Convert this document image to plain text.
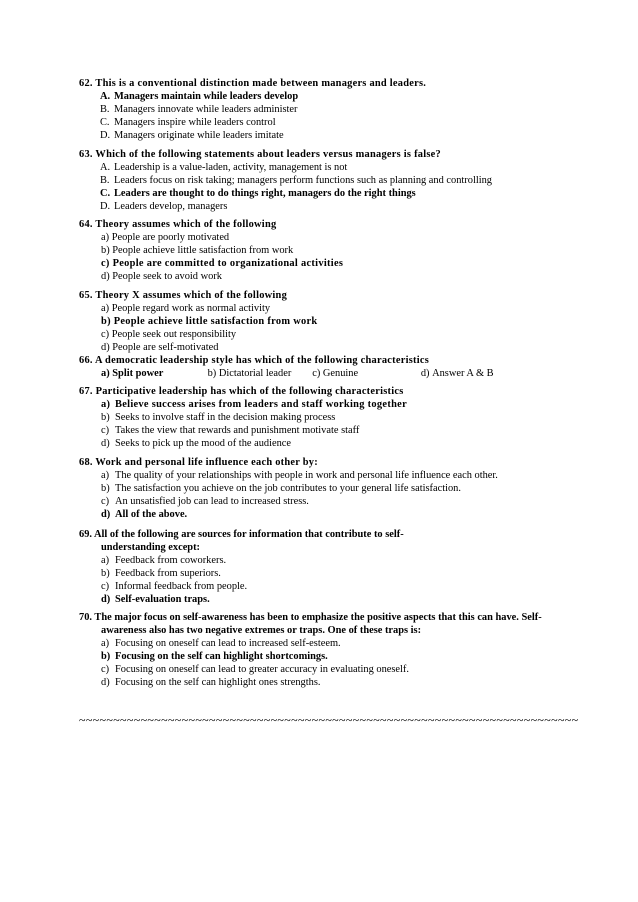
62. This is a conventional distinction made between managers and leaders.
A. Managers maintain while leaders develop
B. Managers innovate while leaders administer
C. Managers inspire while leaders control
D. Managers originate while leaders imitate
63. Which of the following statements about leaders versus managers is false?
A. Leadership is a value-laden, activity, management is not
B. Leaders focus on risk taking; managers perform functions such as planning and controlling
C. Leaders are thought to do things right, managers do the right things
D. Leaders develop, managers
64. Theory assumes which of the following
a) People are poorly motivated
b) People achieve little satisfaction from work
c) People are committed to organizational activities
d) People seek to avoid work
65. Theory X assumes which of the following
a) People regard work as normal activity
b) People achieve little satisfaction from work
c) People seek out responsibility
d) People are self-motivated
66. A democratic leadership style has which of the following characteristics
a) Split power	b) Dictatorial leader c) Genuine	d) Answer A & B
67. Participative leadership has which of the following characteristics
a) Believe success arises from leaders and staff working together
b) Seeks to involve staff in the decision making process
c) Takes the view that rewards and punishment motivate staff
d) Seeks to pick up the mood of the audience
68. Work and personal life influence each other by:
a) The quality of your relationships with people in work and personal life influence each other.
b) The satisfaction you achieve on the job contributes to your general life satisfaction.
c) An unsatisfied job can lead to increased stress.
d) All of the above.
69. All of the following are sources for information that contribute to self-
understanding except:
a) Feedback from coworkers.
b) Feedback from superiors.
c) Informal feedback from people.
d) Self-evaluation traps.
70. The major focus on self-awareness has been to emphasize the positive aspects that this can have. Self-
awareness also has two negative extremes or traps. One of these traps is:
a) Focusing on oneself can lead to increased self-esteem.
b) Focusing on the self can highlight shortcomings.
c) Focusing on oneself can lead to greater accuracy in evaluating oneself.
d) Focusing on the self can highlight ones strengths.
~~~~~~~~~~~~~~~~~~~~~~~~~~~~~~~~~~~~~~~~~~~~~~~~~~~~~~~~~~~~~~~~~~~~~~~~~
